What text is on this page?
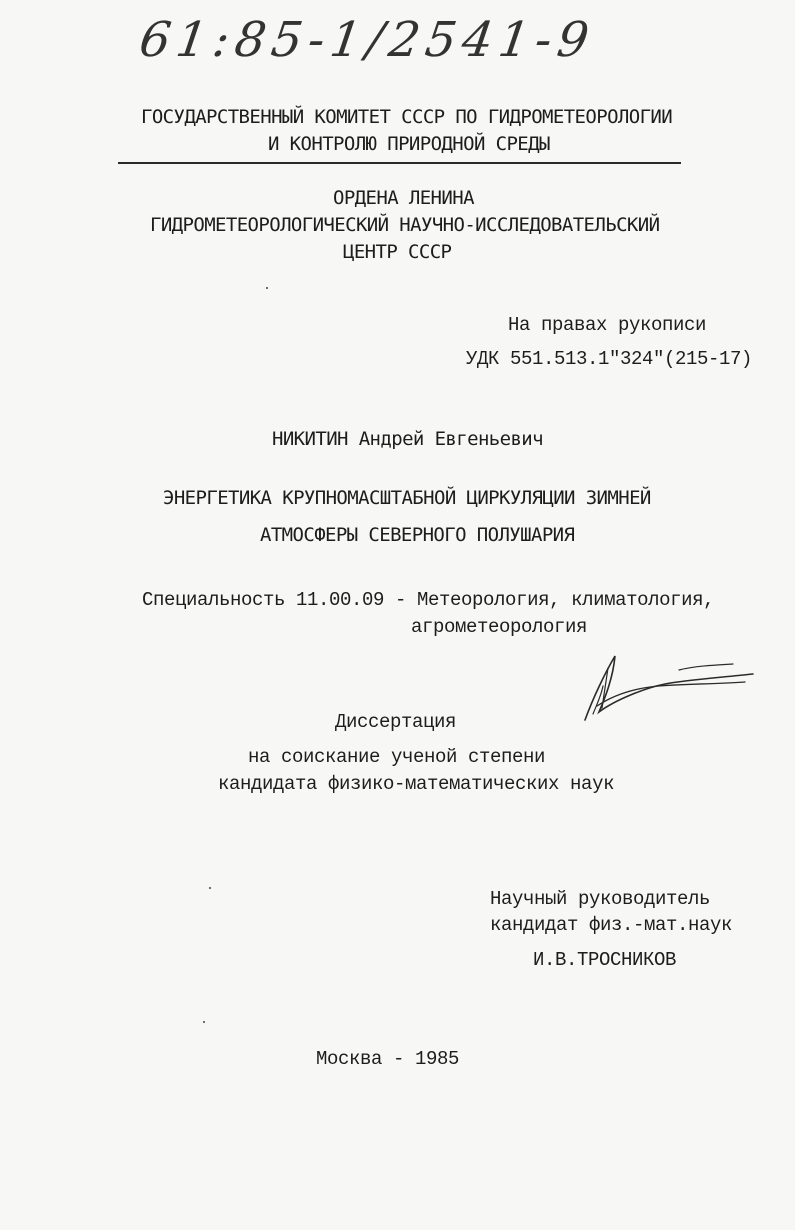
61:85-1/2541-9
ГОСУДАРСТВЕННЫЙ КОМИТЕТ СССР ПО ГИДРОМЕТЕОРОЛОГИИ
И КОНТРОЛЮ ПРИРОДНОЙ СРЕДЫ
ОРДЕНА ЛЕНИНА
ГИДРОМЕТЕОРОЛОГИЧЕСКИЙ НАУЧНО-ИССЛЕДОВАТЕЛЬСКИЙ
ЦЕНТР СССР
На правах рукописи
УДК 551.513.1"324"(215-17)
НИКИТИН Андрей Евгеньевич
ЭНЕРГЕТИКА КРУПНОМАСШТАБНОЙ ЦИРКУЛЯЦИИ ЗИМНЕЙ
АТМОСФЕРЫ СЕВЕРНОГО ПОЛУШАРИЯ
Специальность 11.00.09 - Метеорология, климатология,
агрометеорология
Диссертация
на соискание ученой степени
кандидата физико-математических наук
Научный руководитель
кандидат физ.-мат.наук
И.В.ТРОСНИКОВ
Москва - 1985
